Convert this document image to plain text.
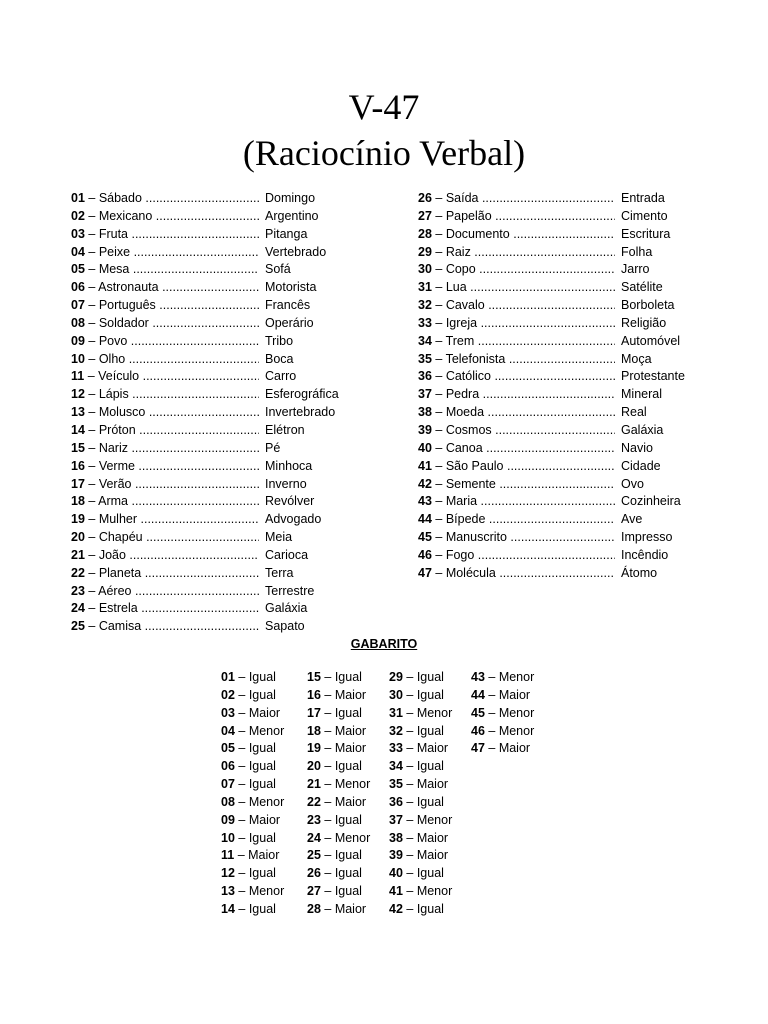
V-47
(Raciocínio Verbal)
01 – Sábado .....	Domingo
02 – Mexicano .....	Argentino
03 – Fruta .....	Pitanga
04 – Peixe .....	Vertebrado
05 – Mesa .....	Sofá
06 – Astronauta .....	Motorista
07 – Português .....	Francês
08 – Soldador .....	Operário
09 – Povo .....	Tribo
10 – Olho .....	Boca
11 – Veículo .....	Carro
12 – Lápis .....	Esferográfica
13 – Molusco .....	Invertebrado
14 – Próton .....	Elétron
15 – Nariz .....	Pé
16 – Verme .....	Minhoca
17 – Verão .....	Inverno
18 – Arma .....	Revólver
19 – Mulher .....	Advogado
20 – Chapéu .....	Meia
21 – João .....	Carioca
22 – Planeta .....	Terra
23 – Aéreo .....	Terrestre
24 – Estrela .....	Galáxia
25 – Camisa .....	Sapato
26 – Saída .....	Entrada
27 – Papelão .....	Cimento
28 – Documento .....	Escritura
29 – Raiz .....	Folha
30 – Copo .....	Jarro
31 – Lua .....	Satélite
32 – Cavalo .....	Borboleta
33 – Igreja .....	Religião
34 – Trem .....	Automóvel
35 – Telefonista .....	Moça
36 – Católico .....	Protestante
37 – Pedra .....	Mineral
38 – Moeda .....	Real
39 – Cosmos .....	Galáxia
40 – Canoa .....	Navio
41 – São Paulo .....	Cidade
42 – Semente .....	Ovo
43 – Maria .....	Cozinheira
44 – Bípede .....	Ave
45 – Manuscrito .....	Impresso
46 – Fogo .....	Incêndio
47 – Molécula .....	Átomo
GABARITO
01 – Igual
02 – Igual
03 – Maior
04 – Menor
05 – Igual
06 – Igual
07 – Igual
08 – Menor
09 – Maior
10 – Igual
11 – Maior
12 – Igual
13 – Menor
14 – Igual
15 – Igual
16 – Maior
17 – Igual
18 – Maior
19 – Maior
20 – Igual
21 – Menor
22 – Maior
23 – Igual
24 – Menor
25 – Igual
26 – Igual
27 – Igual
28 – Maior
29 – Igual
30 – Igual
31 – Menor
32 – Igual
33 – Maior
34 – Igual
35 – Maior
36 – Igual
37 – Menor
38 – Maior
39 – Maior
40 – Igual
41 – Menor
42 – Igual
43 – Menor
44 – Maior
45 – Menor
46 – Menor
47 – Maior
